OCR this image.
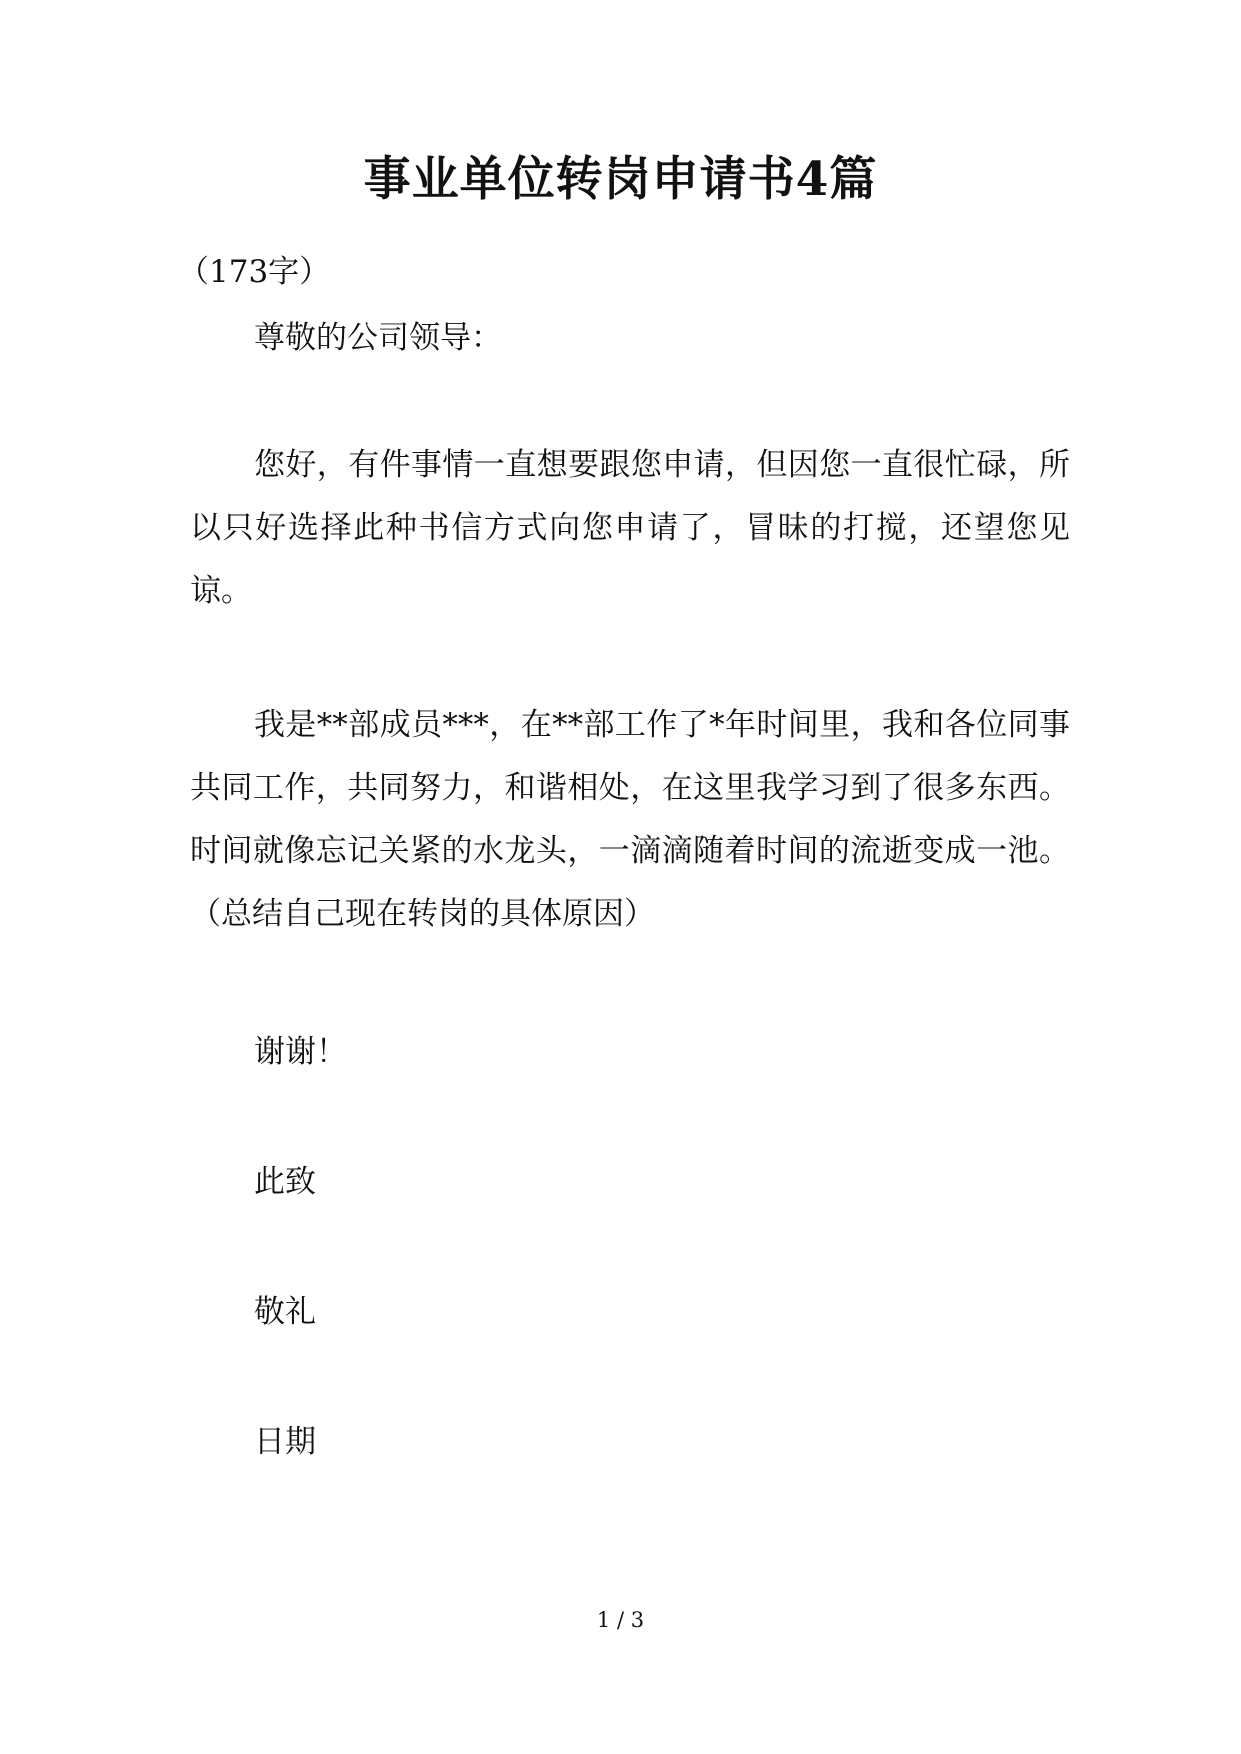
事业单位转岗申请书4篇
（173字）
尊敬的公司领导：

您好，有件事情一直想要跟您申请，但因您一直很忙碌，所以只好选择此种书信方式向您申请了，冒昧的打搅，还望您见谅。

我是**部成员***，在**部工作了*年时间里，我和各位同事共同工作，共同努力，和谐相处，在这里我学习到了很多东西。时间就像忘记关紧的水龙头，一滴滴随着时间的流逝变成一池。（总结自己现在转岗的具体原因）

谢谢！
此致
敬礼
日期
1 / 3
